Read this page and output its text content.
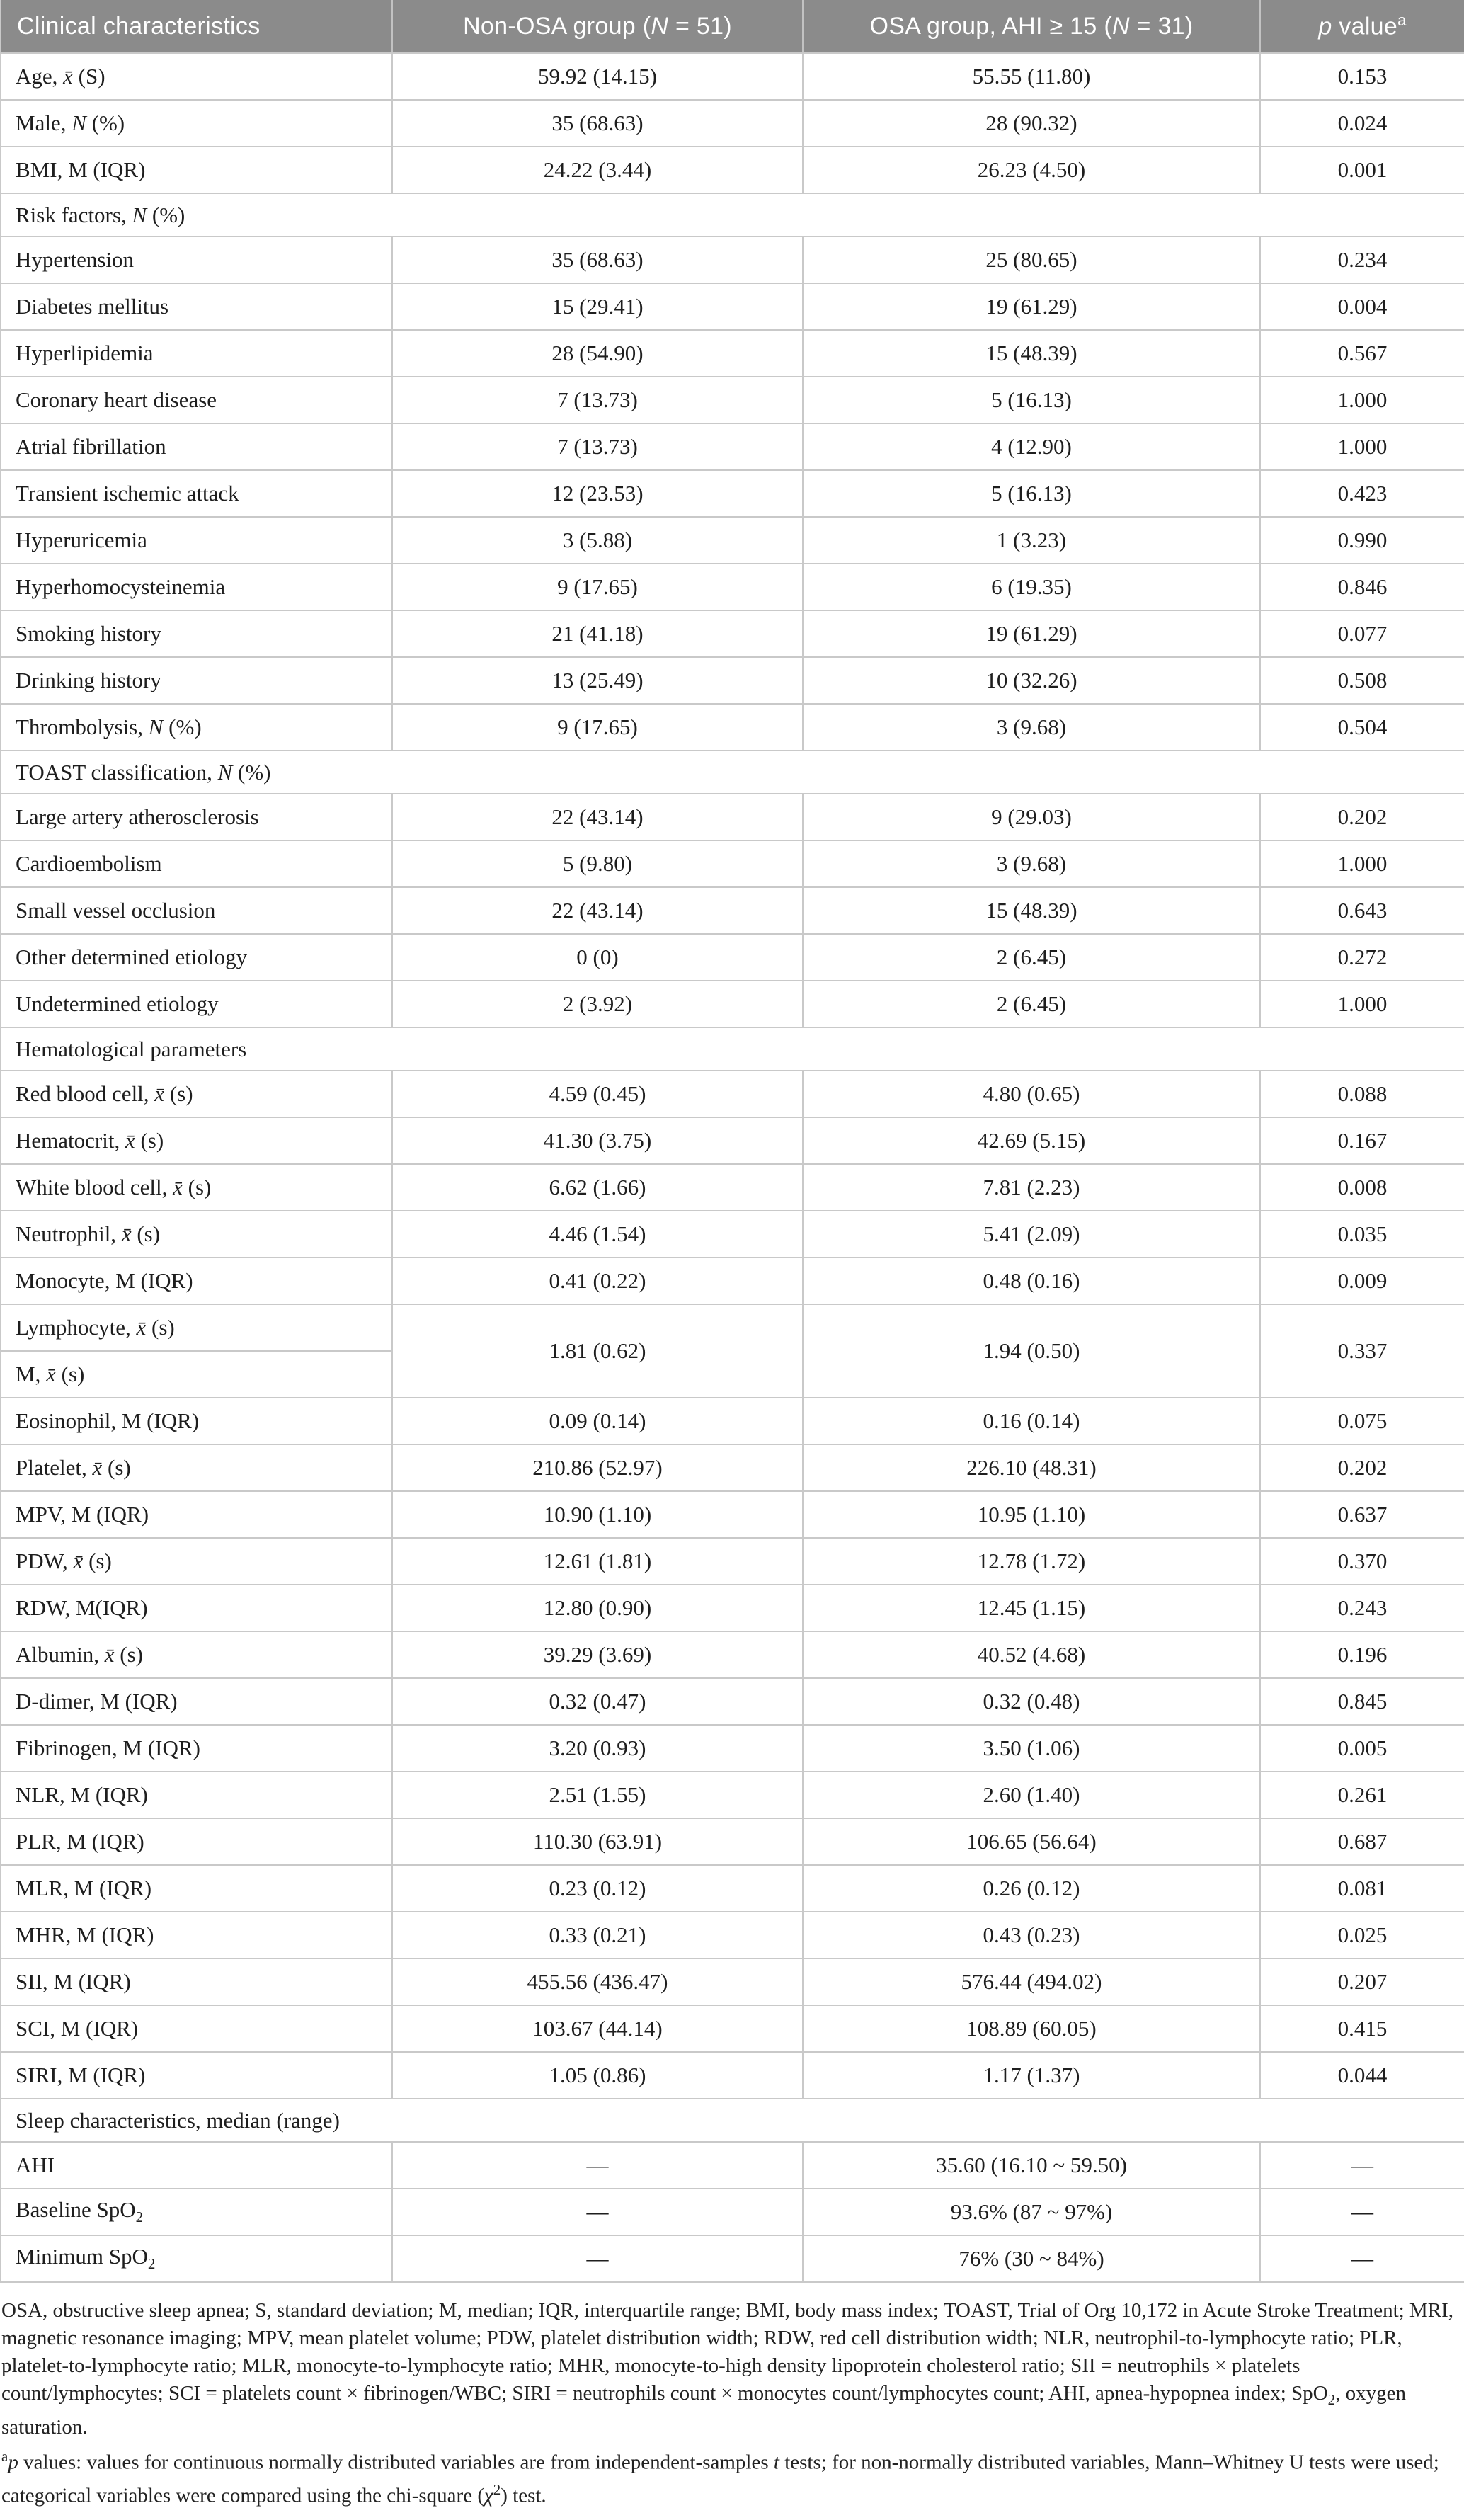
Clinical characteristics	Non-OSA group (N = 51)	OSA group, AHI ≥ 15 (N = 31)	p value$^a$
Age, x̄ (S)	59.92 (14.15)	55.55 (11.80)	0.153
Male, N (%)	35 (68.63)	28 (90.32)	0.024
BMI, M (IQR)	24.22 (3.44)	26.23 (4.50)	0.001
Risk factors, N (%)			
Hypertension	35 (68.63)	25 (80.65)	0.234
Diabetes mellitus	15 (29.41)	19 (61.29)	0.004
Hyperlipidemia	28 (54.90)	15 (48.39)	0.567
Coronary heart disease	7 (13.73)	5 (16.13)	1.000
Atrial fibrillation	7 (13.73)	4 (12.90)	1.000
Transient ischemic attack	12 (23.53)	5 (16.13)	0.423
Hyperuricemia	3 (5.88)	1 (3.23)	0.990
Hyperhomocysteinemia	9 (17.65)	6 (19.35)	0.846
Smoking history	21 (41.18)	19 (61.29)	0.077
Drinking history	13 (25.49)	10 (32.26)	0.508
Thrombolysis, N (%)	9 (17.65)	3 (9.68)	0.504
TOAST classification, N (%)			
Large artery atherosclerosis	22 (43.14)	9 (29.03)	0.202
Cardioembolism	5 (9.80)	3 (9.68)	1.000
Small vessel occlusion	22 (43.14)	15 (48.39)	0.643
Other determined etiology	0 (0)	2 (6.45)	0.272
Undetermined etiology	2 (3.92)	2 (6.45)	1.000
Hematological parameters			
Red blood cell, x̄ (s)	4.59 (0.45)	4.80 (0.65)	0.088
Hematocrit, x̄ (s)	41.30 (3.75)	42.69 (5.15)	0.167
White blood cell, x̄ (s)	6.62 (1.66)	7.81 (2.23)	0.008
Neutrophil, x̄ (s)	4.46 (1.54)	5.41 (2.09)	0.035
Monocyte, M (IQR)	0.41 (0.22)	0.48 (0.16)	0.009
Lymphocyte, x̄ (s)	1.81 (0.62)	1.94 (0.50)	0.337
M, x̄ (s)			
Eosinophil, M (IQR)	0.09 (0.14)	0.16 (0.14)	0.075
Platelet, x̄ (s)	210.86 (52.97)	226.10 (48.31)	0.202
MPV, M (IQR)	10.90 (1.10)	10.95 (1.10)	0.637
PDW, x̄ (s)	12.61 (1.81)	12.78 (1.72)	0.370
RDW, M(IQR)	12.80 (0.90)	12.45 (1.15)	0.243
Albumin, x̄ (s)	39.29 (3.69)	40.52 (4.68)	0.196
D-dimer, M (IQR)	0.32 (0.47)	0.32 (0.48)	0.845
Fibrinogen, M (IQR)	3.20 (0.93)	3.50 (1.06)	0.005
NLR, M (IQR)	2.51 (1.55)	2.60 (1.40)	0.261
PLR, M (IQR)	110.30 (63.91)	106.65 (56.64)	0.687
MLR, M (IQR)	0.23 (0.12)	0.26 (0.12)	0.081
MHR, M (IQR)	0.33 (0.21)	0.43 (0.23)	0.025
SII, M (IQR)	455.56 (436.47)	576.44 (494.02)	0.207
SCI, M (IQR)	103.67 (44.14)	108.89 (60.05)	0.415
SIRI, M (IQR)	1.05 (0.86)	1.17 (1.37)	0.044
Sleep characteristics, median (range)			
AHI	—	35.60 (16.10 ~ 59.50)	—
Baseline SpO$_2$	—	93.6% (87 ~ 97%)	—
Minimum SpO$_2$	—	76% (30 ~ 84%)	—

OSA, obstructive sleep apnea; S, standard deviation; M, median; IQR, interquartile range; BMI, body mass index; TOAST, Trial of Org 10,172 in Acute Stroke Treatment; MRI, magnetic resonance imaging; MPV, mean platelet volume; PDW, platelet distribution width; RDW, red cell distribution width; NLR, neutrophil-to-lymphocyte ratio; PLR, platelet-to-lymphocyte ratio; MLR, monocyte-to-lymphocyte ratio; MHR, monocyte-to-high density lipoprotein cholesterol ratio; SII = neutrophils × platelets count/lymphocytes; SCI = platelets count × fibrinogen/WBC; SIRI = neutrophils count × monocytes count/lymphocytes count; AHI, apnea-hypopnea index; SpO$_2$, oxygen saturation.

$^a$p values: values for continuous normally distributed variables are from independent-samples t tests; for non-normally distributed variables, Mann–Whitney U tests were used; categorical variables were compared using the chi-square $(\chi^2)$ test.
